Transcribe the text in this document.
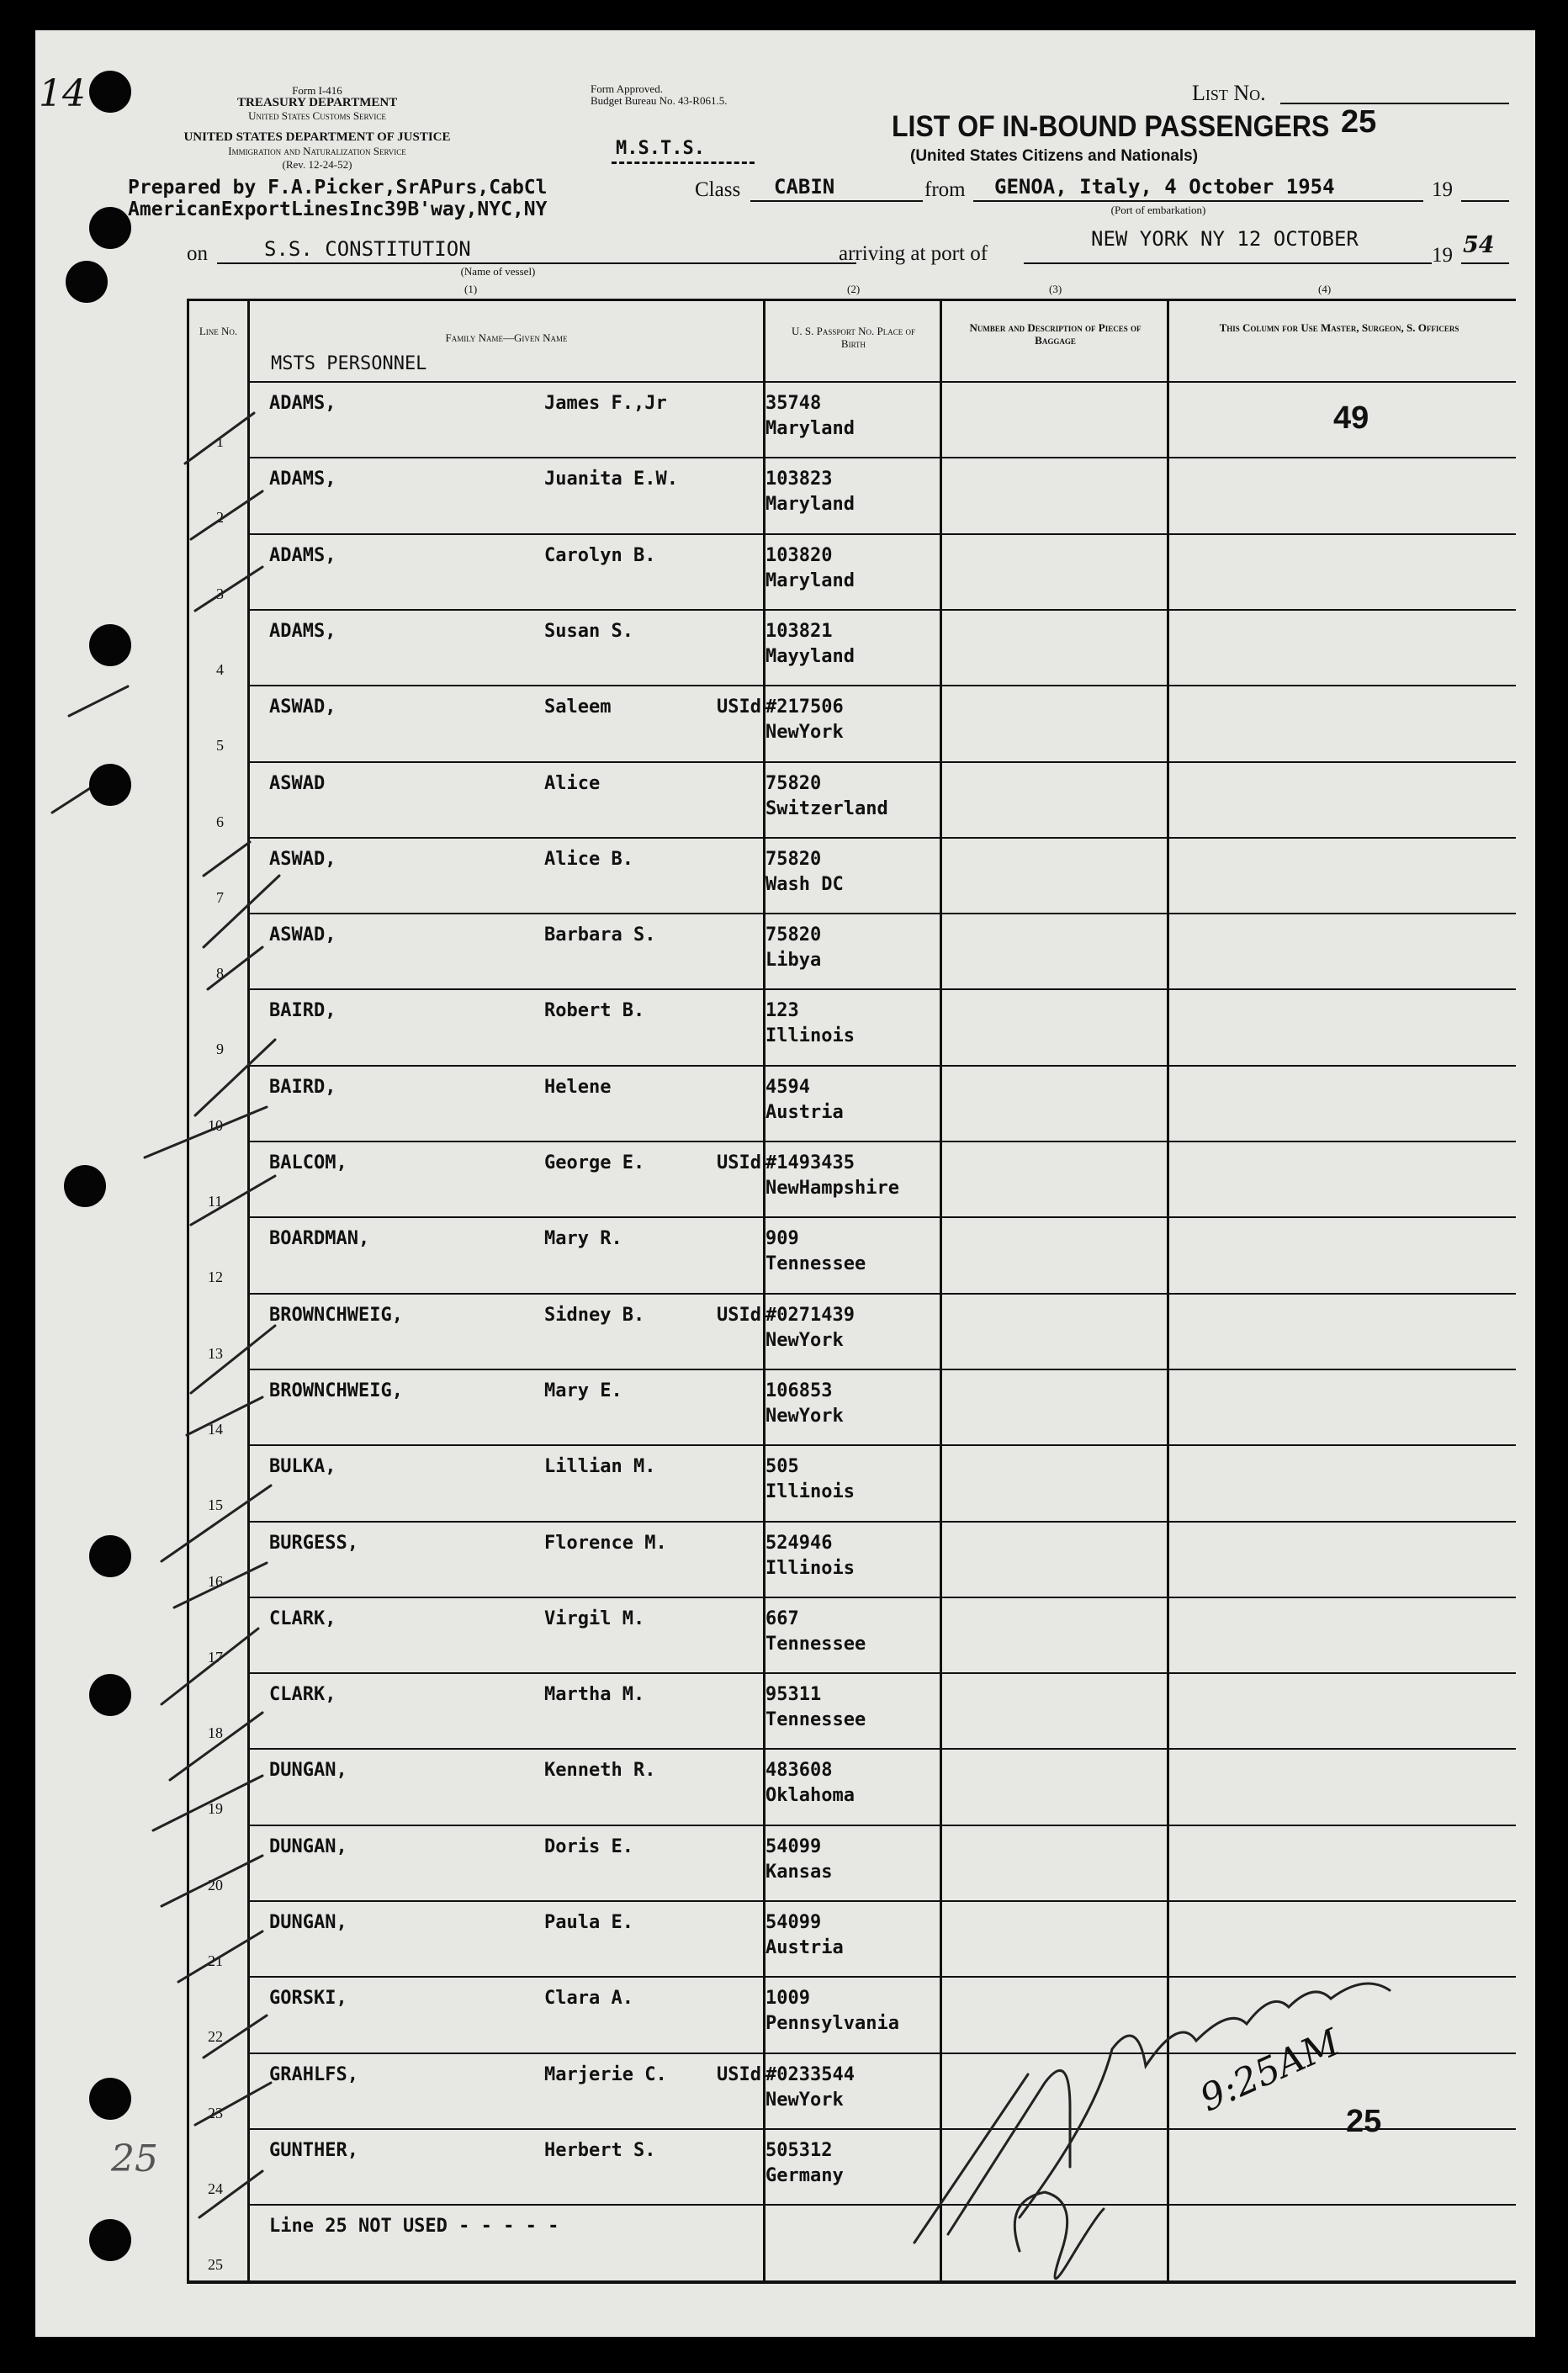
Form I-416
TREASURY DEPARTMENT
United States Customs Service
UNITED STATES DEPARTMENT OF JUSTICE
Immigration and Naturalization Service
(Rev. 12-24-52)
Form Approved.
Budget Bureau No. 43-R061.5.
M.S.T.S.
List No.
25
LIST OF IN-BOUND PASSENGERS
(United States Citizens and Nationals)
Prepared by F.A.Picker,SrAPurs,CabCl
AmericanExportLinesInc39B'way,NYC,NY
Class CABIN	from GENOA, Italy, 4 October 1954	19
(Port of embarkation)
on	S.S. CONSTITUTION
(Name of vessel)
arriving at port of
NEW YORK NY 12 OCTOBER
19 54
(1)	(2)	(3)	(4)
Line No.
Family Name—Given Name
U. S. Passport No. Place of Birth
Number and Description of Pieces of Baggage
This Column for Use Master, Surgeon, S. Officers
MSTS PERSONNEL
1
ADAMS,	James F.,Jr	35748
Maryland
2
ADAMS,	Juanita E.W.	103823
Maryland
3
ADAMS,	Carolyn B.	103820
Maryland
4
ADAMS,	Susan S.	103821
Mayyland
5
ASWAD,	Saleem	USId #217506
NewYork
6
ASWAD	Alice	75820
Switzerland
7
ASWAD,	Alice B.	75820
Wash DC
8
ASWAD,	Barbara S.	75820
Libya
9
BAIRD,	Robert B.	123
Illinois
10
BAIRD,	Helene	4594
Austria
11
BALCOM,	George E.	USId #1493435
NewHampshire
12
BOARDMAN,	Mary R.	909
Tennessee
13
BROWNCHWEIG,	Sidney B.	USId #0271439
NewYork
14
BROWNCHWEIG,	Mary E.	106853
NewYork
15
BULKA,	Lillian M.	505
Illinois
16
BURGESS,	Florence M.	524946
Illinois
17
CLARK,	Virgil M.	667
Tennessee
18
CLARK,	Martha M.	95311
Tennessee
19
DUNGAN,	Kenneth R.	483608
Oklahoma
20
DUNGAN,	Doris E.	54099
Kansas
21
DUNGAN,	Paula E.	54099
Austria
22
GORSKI,	Clara A.	1009
Pennsylvania
23
GRAHLFS,	Marjerie C.	USId #0233544
NewYork
24
GUNTHER,	Herbert S.	505312
Germany
25
Line 25 NOT USED - - - - -
14
49
25
25
9:25AM
